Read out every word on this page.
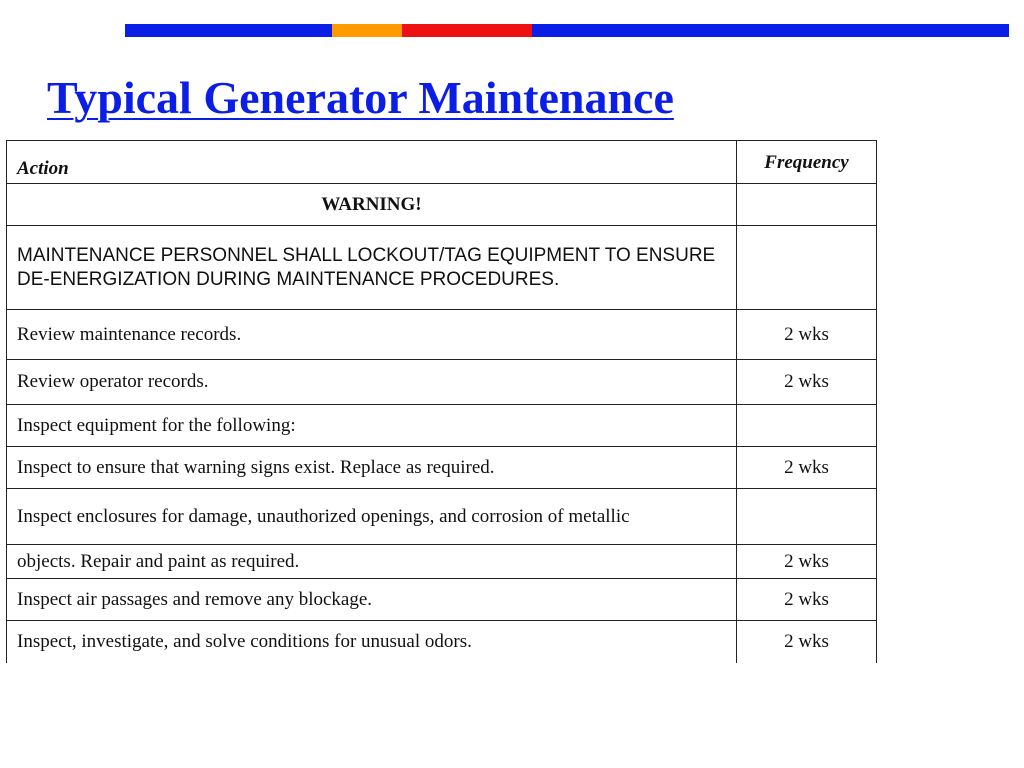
Typical Generator Maintenance
Action	Frequency
WARNING!	
MAINTENANCE PERSONNEL SHALL LOCKOUT/TAG EQUIPMENT TO ENSURE DE-ENERGIZATION DURING MAINTENANCE PROCEDURES.	
Review maintenance records.	2 wks
Review operator records.	2 wks
Inspect equipment for the following:	
Inspect to ensure that warning signs exist. Replace as required.	2 wks
Inspect enclosures for damage, unauthorized openings, and corrosion of metallic	
objects. Repair and paint as required.	2 wks
Inspect air passages and remove any blockage.	2 wks
Inspect, investigate, and solve conditions for unusual odors.	2 wks
